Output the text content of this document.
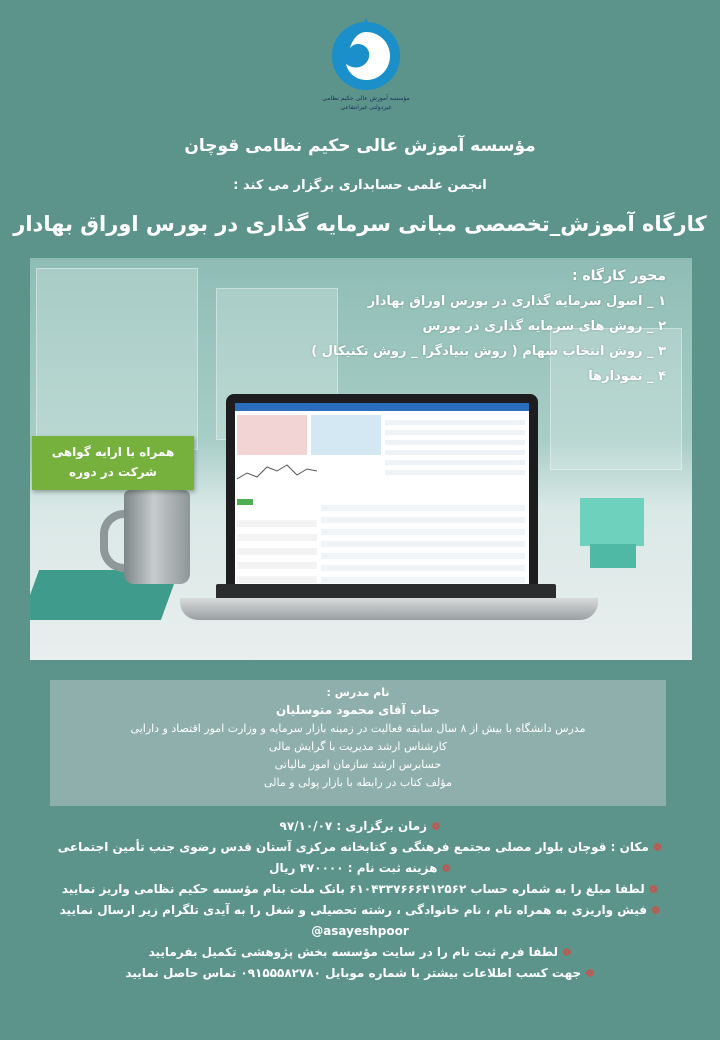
مؤسسه آموزش عالی حکیم نظامی
غیردولتی غیرانتفاعی
مؤسسه آموزش عالی حکیم نظامی قوچان
انجمن علمی حسابداری برگزار می کند :
کارگاه آموزش_تخصصی مبانی سرمایه گذاری در بورس اوراق بهادار
محور کارگاه :
۱ _ اصول سرمایه گذاری در بورس اوراق بهادار
۲ _ روش های سرمایه گذاری در بورس
۳ _ روش انتخاب سهام ( روش بنیادگرا _ روش تکنیکال )
۴ _ نمودارها
همراه با ارایه گواهی
شرکت در دوره
نام مدرس :
جناب آقای محمود متوسلیان
مدرس دانشگاه با بیش از ۸ سال سابقه فعالیت در زمینه بازار سرمایه و وزارت امور اقتصاد و دارایی
کارشناس ارشد مدیریت با گرایش مالی
حسابرس ارشد سازمان امور مالیاتی
مؤلف کتاب در رابطه با بازار پولی و مالی
❁ زمان برگزاری : ۹۷/۱۰/۰۷
❁ مکان : قوچان بلوار مصلی مجتمع فرهنگی و کتابخانه مرکزی آستان قدس رضوی جنب تأمین اجتماعی
❁ هزینه ثبت نام : ۴۷۰۰۰۰ ریال
❁ لطفا مبلغ را به شماره حساب ۶۱۰۴۳۳۷۶۶۶۴۱۲۵۶۲ بانک ملت بنام مؤسسه حکیم نظامی واریز نمایید
❁ فیش واریزی به همراه نام ، نام خانوادگی ، رشته تحصیلی و شغل را به آیدی تلگرام زیر ارسال نمایید
@asayeshpoor
❁ لطفا فرم ثبت نام را در سایت مؤسسه بخش پژوهشی تکمیل بفرمایید
❁ جهت کسب اطلاعات بیشتر با شماره موبایل ۰۹۱۵۵۵۸۲۷۸۰ تماس حاصل نمایید
